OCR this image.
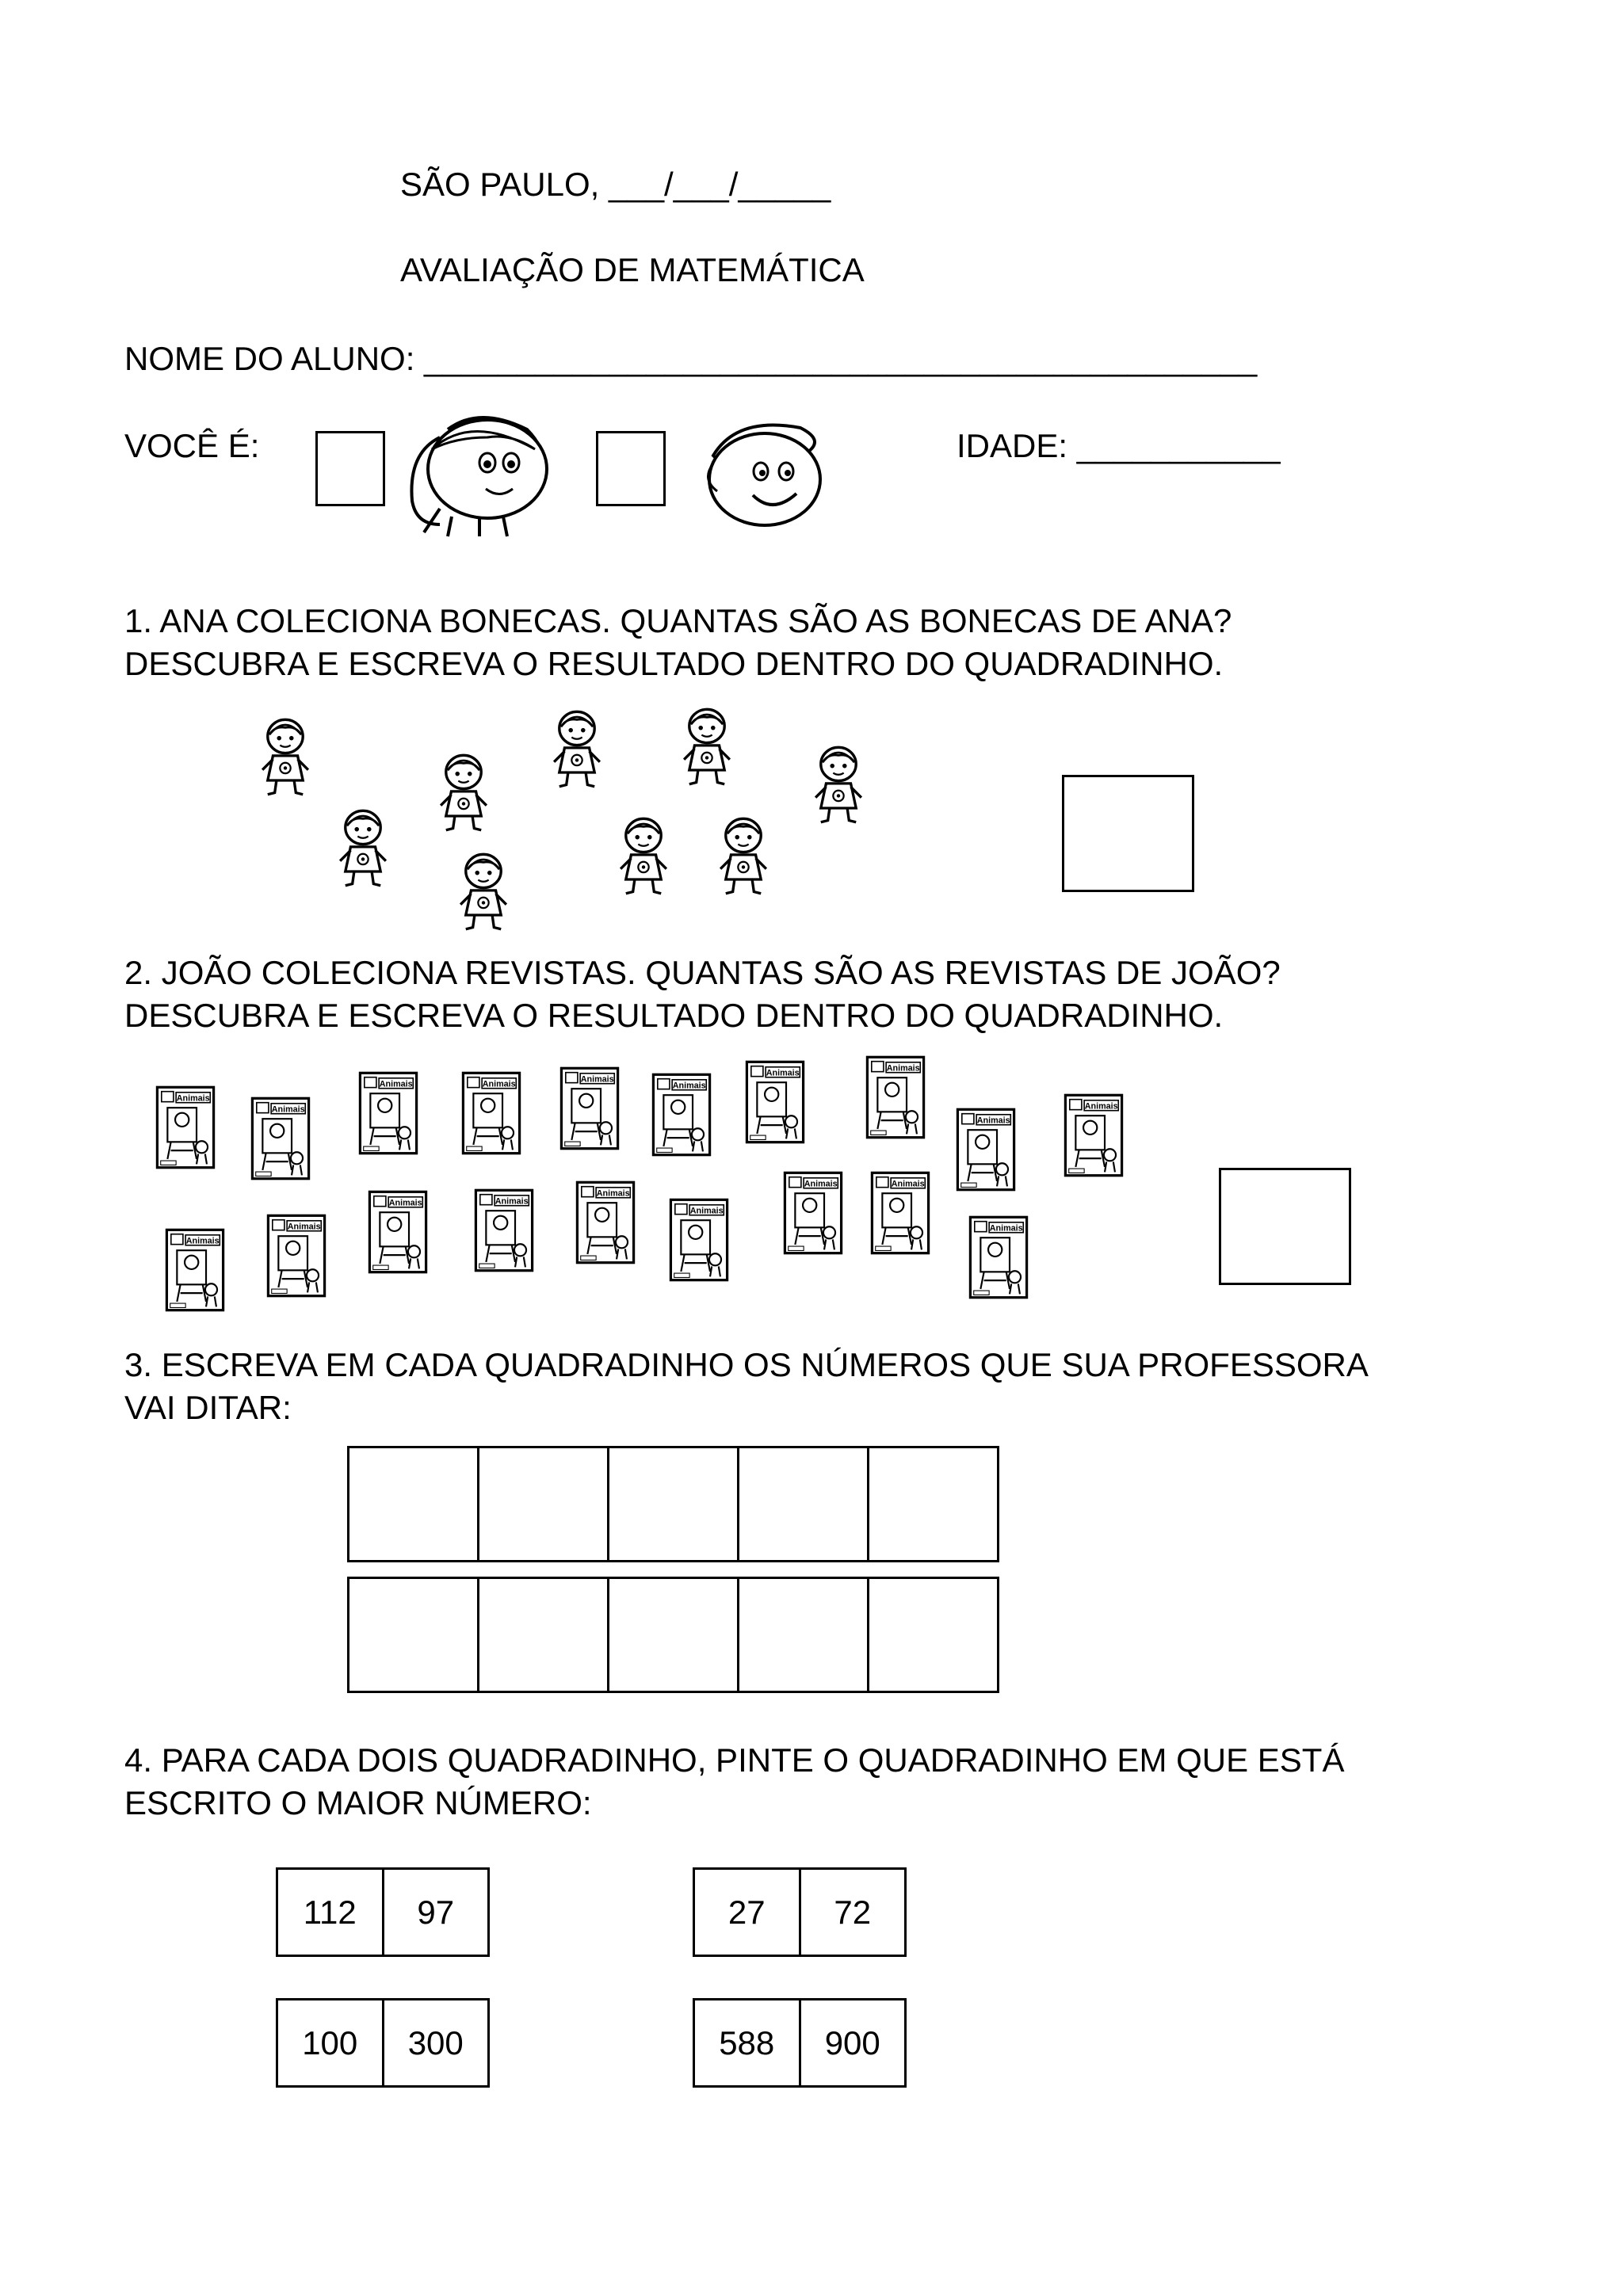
SÃO PAULO, ___/___/_____
AVALIAÇÃO DE MATEMÁTICA
NOME DO ALUNO: _____________________________________________
VOCÊ É:	IDADE: ___________
1. ANA COLECIONA BONECAS. QUANTAS SÃO AS BONECAS DE ANA?
DESCUBRA E ESCREVA O RESULTADO DENTRO DO QUADRADINHO.
2. JOÃO COLECIONA REVISTAS. QUANTAS SÃO AS REVISTAS DE JOÃO?
DESCUBRA E ESCREVA O RESULTADO DENTRO DO QUADRADINHO.
3. ESCREVA EM CADA QUADRADINHO OS NÚMEROS QUE SUA PROFESSORA
VAI DITAR:
4. PARA CADA DOIS QUADRADINHO, PINTE O QUADRADINHO EM QUE ESTÁ
ESCRITO O MAIOR NÚMERO:
112	97	27	72
100	300	588	900
